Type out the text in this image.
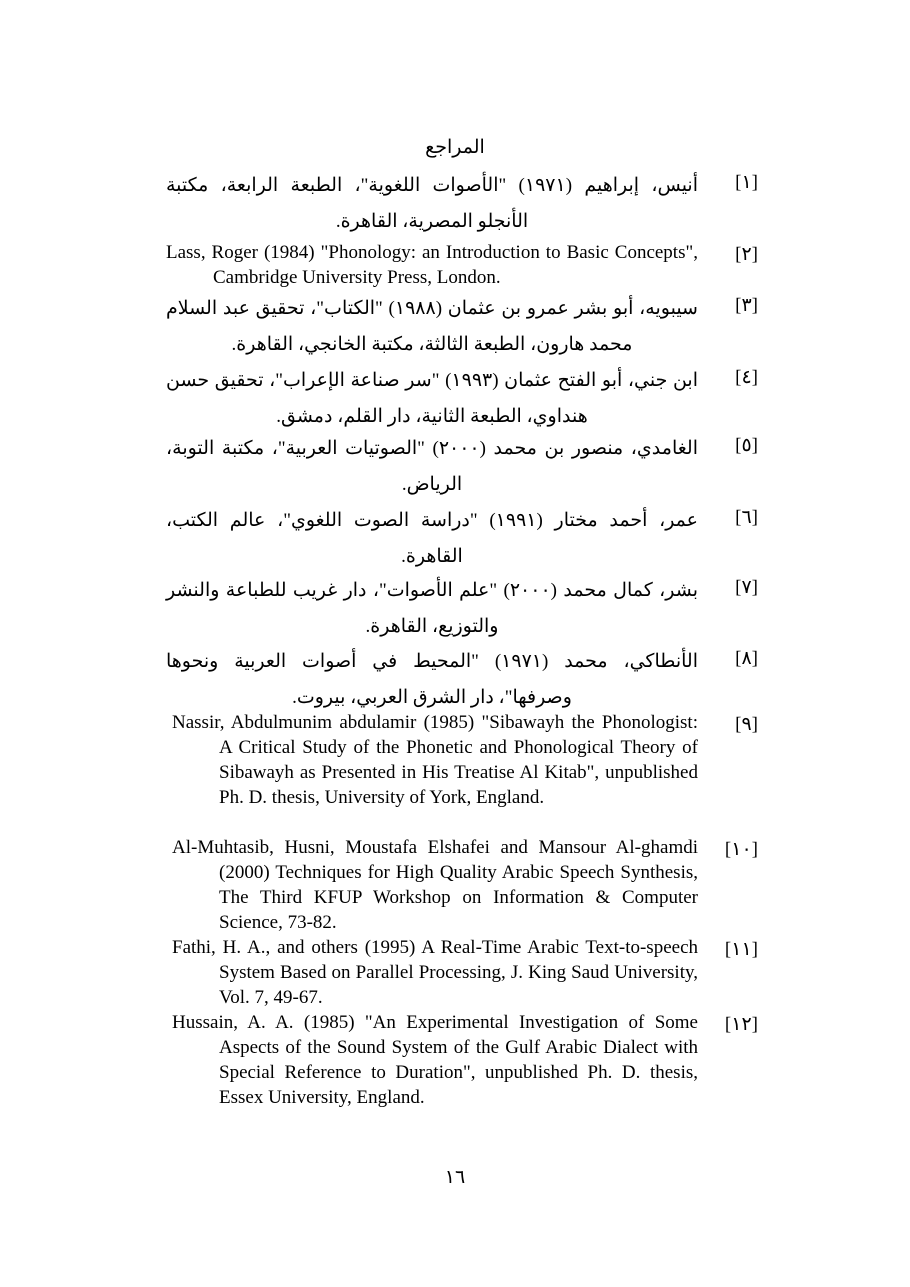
المراجع
أنيس، إبراهيم (١٩٧١) "الأصوات اللغوية"، الطبعة الرابعة، مكتبة الأنجلو المصرية، القاهرة.
[١]
Lass, Roger (1984) "Phonology: an Introduction to Basic Concepts", Cambridge University Press, London.
[٢]
سيبويه، أبو بشر عمرو بن عثمان (١٩٨٨) "الكتاب"، تحقيق عبد السلام محمد هارون، الطبعة الثالثة، مكتبة الخانجي، القاهرة.
[٣]
ابن جني، أبو الفتح عثمان (١٩٩٣) "سر صناعة الإعراب"، تحقيق حسن هنداوي، الطبعة الثانية، دار القلم، دمشق.
[٤]
الغامدي، منصور بن محمد (٢٠٠٠) "الصوتيات العربية"، مكتبة التوبة، الرياض.
[٥]
عمر، أحمد مختار (١٩٩١) "دراسة الصوت اللغوي"، عالم الكتب، القاهرة.
[٦]
بشر، كمال محمد (٢٠٠٠) "علم الأصوات"، دار غريب للطباعة والنشر والتوزيع، القاهرة.
[٧]
الأنطاكي، محمد (١٩٧١) "المحيط في أصوات العربية ونحوها وصرفها"، دار الشرق العربي، بيروت.
[٨]
Nassir, Abdulmunim abdulamir (1985) "Sibawayh the Phonologist: A Critical Study of the Phonetic and Phonological Theory of Sibawayh as Presented in His Treatise Al Kitab", unpublished Ph. D. thesis, University of York, England.
[٩]
Al-Muhtasib, Husni, Moustafa Elshafei and Mansour Al-ghamdi (2000) Techniques for High Quality Arabic Speech Synthesis, The Third KFUP Workshop on Information & Computer Science, 73-82.
[١٠]
Fathi, H. A., and others (1995) A Real-Time Arabic Text-to-speech System Based on Parallel Processing, J. King Saud University, Vol. 7, 49-67.
[١١]
Hussain, A. A. (1985) "An Experimental Investigation of Some Aspects of the Sound System of the Gulf Arabic Dialect with Special Reference to Duration", unpublished Ph. D. thesis, Essex University, England.
[١٢]
١٦
